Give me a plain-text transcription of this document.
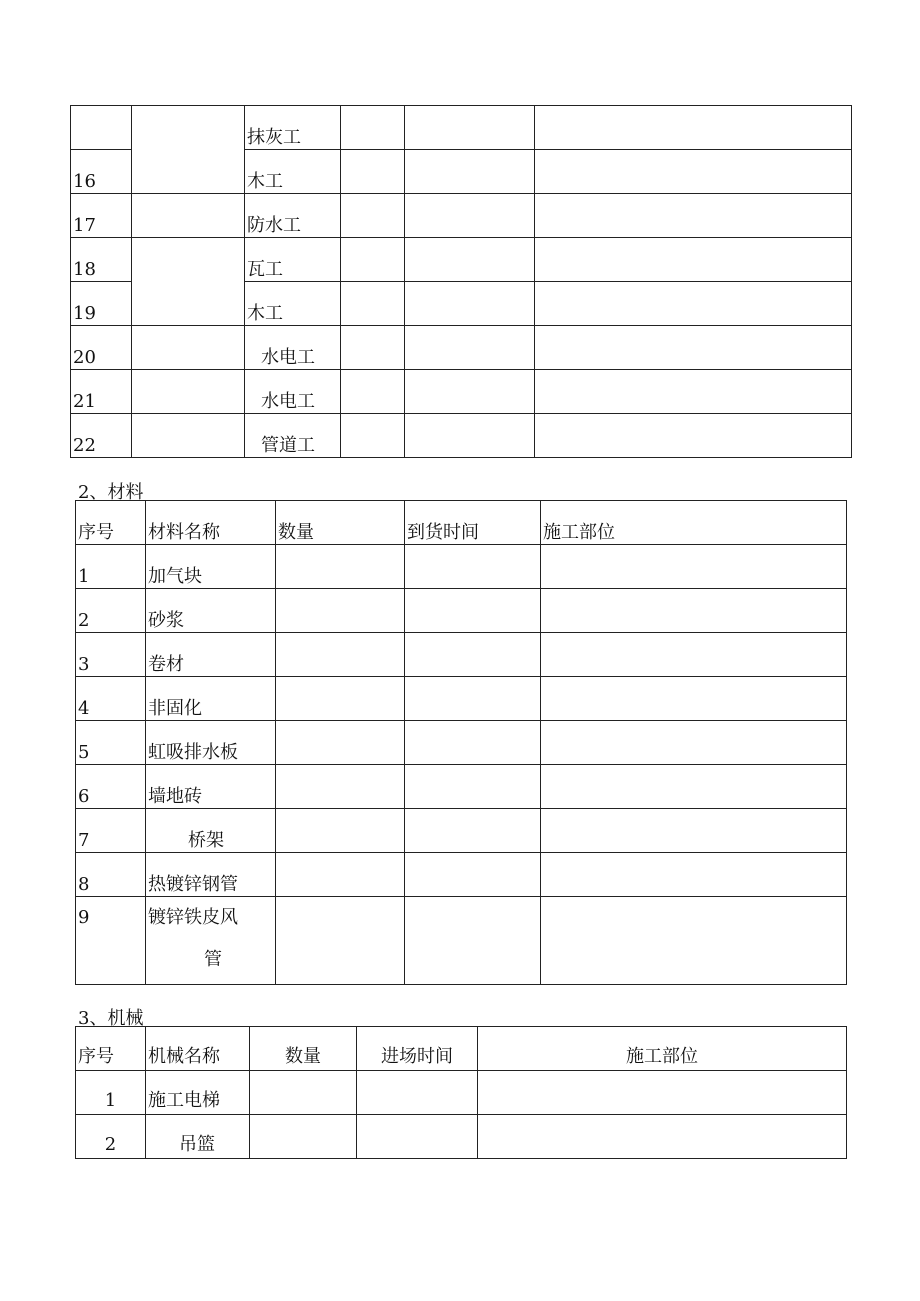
		抹灰工			
16		木工			
17		防水工			
18		瓦工			
19		木工			
20		水电工			
21		水电工			
22		管道工			
2、材料
序号	材料名称	数量	到货时间	施工部位
1	加气块			
2	砂浆			
3	卷材			
4	非固化			
5	虹吸排水板			
6	墙地砖			
7	桥架			
8	热镀锌钢管			
9	镀锌铁皮风
管			

3、机械
序号	机械名称	数量	进场时间	施工部位
1	施工电梯			
2	吊篮			
